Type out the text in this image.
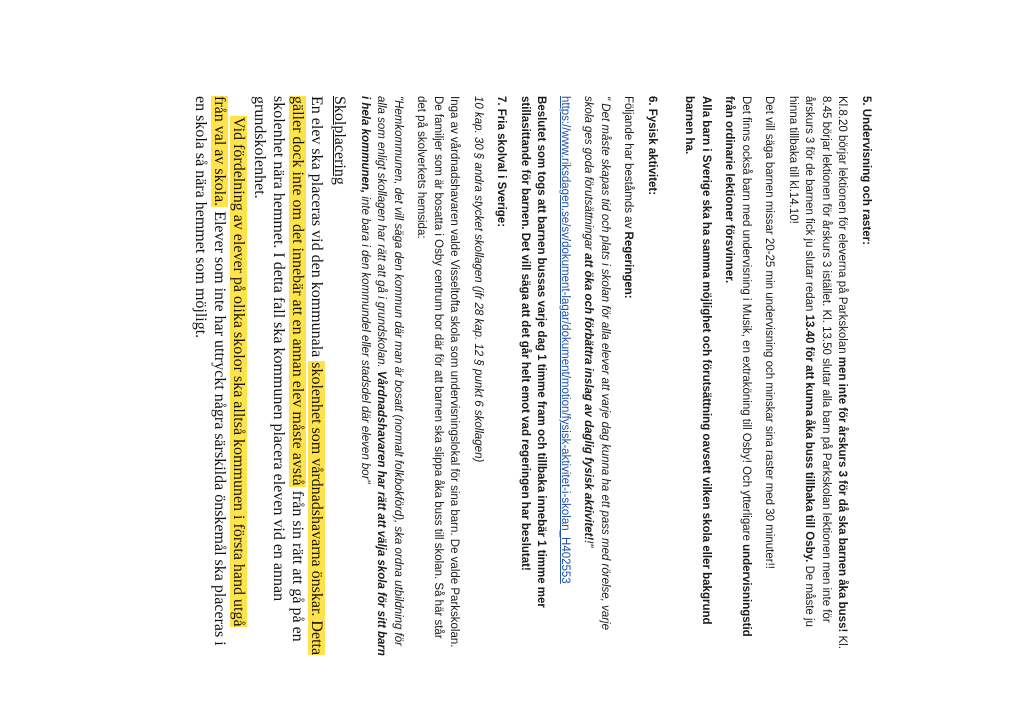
5. Undervisning och raster:

Kl.8.20 börjar lektionen för eleverna på Parkskolan men inte för årskurs 3 för då ska barnen åka buss! Kl. 8.45 börjar lektionen för årskurs 3 istället. Kl. 13.50 slutar alla barn på Parkskolan lektionen men inte för årskurs 3 för de barnen fick ju slutar redan 13.40 för att kunna åka buss tillbaka till Osby. De måste ju hinna tillbaka till kl.14.10!

Det vill säga barnen missar 20-25 min undervisning och minskar sina raster med 30 minuter!!

Det finns också barn med undervisning i Musik, en extraköning till Osby! Och ytterligare undervisningstid från ordinarie lektioner försvinner.

Alla barn i Sverige ska ha samma möjlighet och förutsättning oavsett vilken skola eller bakgrund barnen ha.

6. Fysisk aktivitet:

Följande har beståmds av Regeringen:

" Det måste skapas tid och plats i skolan för alla elever att varje dag kunna ha ett pass med rörelse, varje skola ges goda förutsättningar att öka och förbättra inslag av daglig fysisk aktivitet!!"

https://www.riksdagen.se/sv/dokument-lagar/dokument/motion/fysisk-aktivitet-i-skolan_H402553

Beslutet som togs att barnen bussas varje dag 1 timme fram och tillbaka innebär 1 timme mer stillasittande för barnen. Det vill säga att det går helt emot vad regeringen har beslutat!

7. Fria skolval i Sverige:

10 kap. 30 § andra stycket skollagen (jfr 28 kap. 12 § punkt 6 skollagen)

Inga av vårdnadshavaren valde Visseltofta skola som undervisningslokal för sina barn. De valde Parkskolan. De familjer som är bosatta i Osby centrum bor där för att barnen ska slippa åka buss till skolan. Så här står det på skolverkets hemsida:

"Hemkommunen, det vill säga den kommun där man är bosatt (normalt folkbokförd), ska ordna utbildning för alla som enligt skollagen har rätt att gå i grundskolan. Vårdnadshavaren har rätt att välja skola för sitt barn i hela kommunen, inte bara i den kommundel eller stadsdel där eleven bor"

Skolplacering

En elev ska placeras vid den kommunala skolenhet som vårdnadshavarna önskar. Detta gäller dock inte om det innebär att en annan elev måste avstå från sin rätt att gå på en skolenhet nära hemmet. I detta fall ska kommunen placera eleven vid en annan grundskolenhet.

Vid fördelning av elever på olika skolor ska alltså kommunen i första hand utgå från val av skola. Elever som inte har uttryckt några särskilda önskemål ska placeras i en skola så nära hemmet som möjligt.
